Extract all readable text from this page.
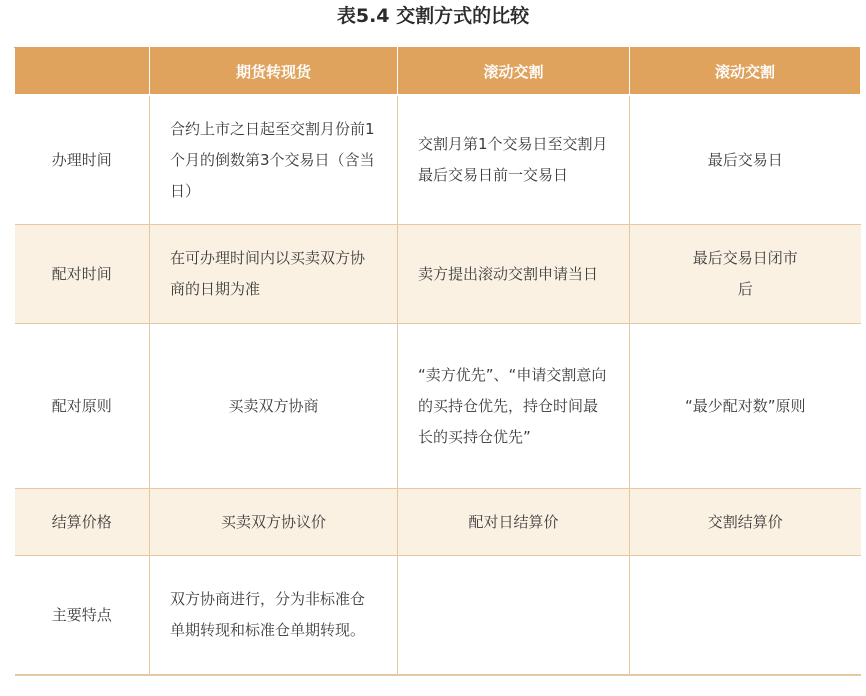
表5.4 交割方式的比较
	期货转现货	滚动交割	滚动交割
办理时间	合约上市之日起至交割月份前1个月的倒数第3个交易日（含当日）	交割月第1个交易日至交割月最后交易日前一交易日	最后交易日
配对时间	在可办理时间内以买卖双方协商的日期为准	卖方提出滚动交割申请当日	最后交易日闭市后
配对原则	买卖双方协商	“卖方优先”、“申请交割意向的买持仓优先，持仓时间最长的买持仓优先”	“最少配对数”原则
结算价格	买卖双方协议价	配对日结算价	交割结算价
主要特点	双方协商进行，分为非标准仓单期转现和标准仓单期转现。		
